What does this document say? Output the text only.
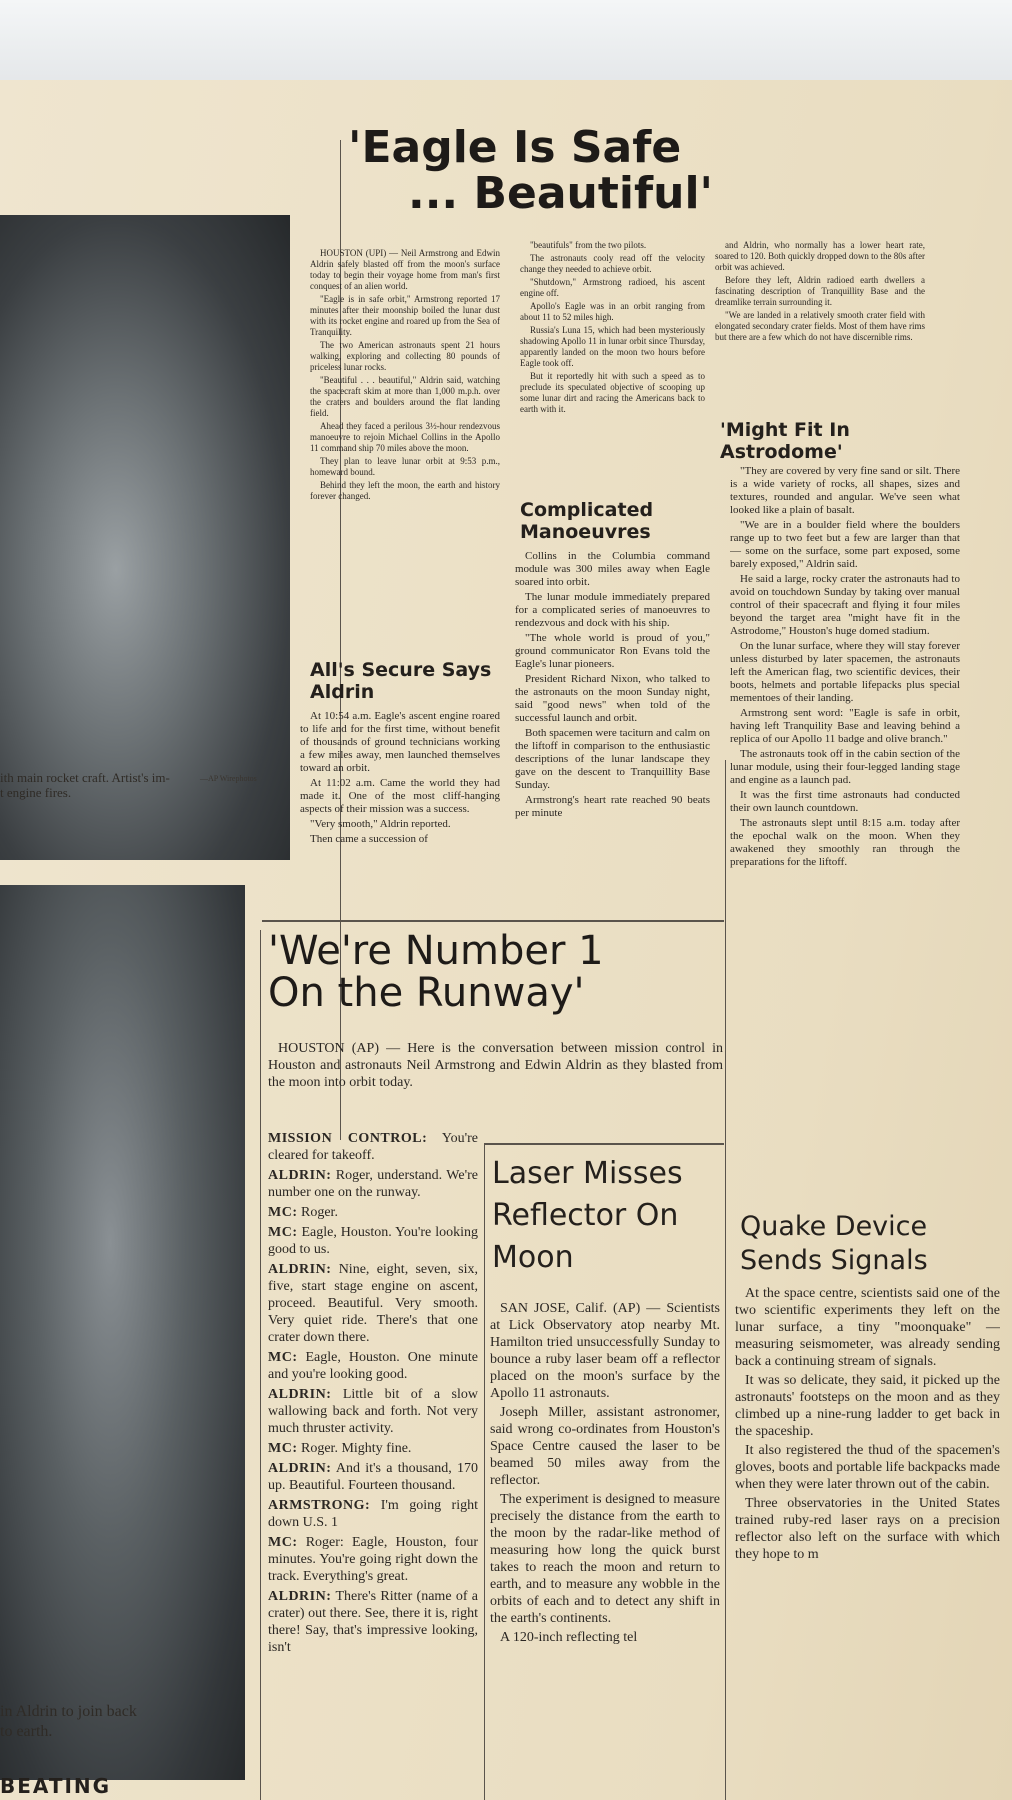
ith main rocket craft. Artist's im- t engine fires.
—AP Wirephotos
in Aldrin to join back to earth.
BEATING
'Eagle Is Safe
... Beautiful'

HOUSTON (UPI) — Neil Armstrong and Edwin Aldrin safely blasted off from the moon's surface today to begin their voyage home from man's first conquest of an alien world.

"Eagle is in safe orbit," Armstrong reported 17 minutes after their moonship boiled the lunar dust with its rocket engine and roared up from the Sea of Tranquility.

The two American astronauts spent 21 hours walking, exploring and collecting 80 pounds of priceless lunar rocks.

"Beautiful . . . beautiful," Aldrin said, watching the spacecraft skim at more than 1,000 m.p.h. over the craters and boulders around the flat landing field.

Ahead they faced a perilous 3½-hour rendezvous manoeuvre to rejoin Michael Collins in the Apollo 11 command ship 70 miles above the moon.

They plan to leave lunar orbit at 9:53 p.m., homeward bound.

Behind they left the moon, the earth and history forever changed.

All's Secure Says Aldrin

At 10:54 a.m. Eagle's ascent engine roared to life and for the first time, without benefit of thousands of ground technicians working a few miles away, men launched themselves toward an orbit.

At 11:02 a.m. Came the world they had made it. One of the most cliff-hanging aspects of their mission was a success.

"Very smooth," Aldrin reported.

Then came a succession of

"beautifuls" from the two pilots.

The astronauts cooly read off the velocity change they needed to achieve orbit.

"Shutdown," Armstrong radioed, his ascent engine off.

Apollo's Eagle was in an orbit ranging from about 11 to 52 miles high.

Russia's Luna 15, which had been mysteriously shadowing Apollo 11 in lunar orbit since Thursday, apparently landed on the moon two hours before Eagle took off.

But it reportedly hit with such a speed as to preclude its speculated objective of scooping up some lunar dirt and racing the Americans back to earth with it.

Complicated Manoeuvres

Collins in the Columbia command module was 300 miles away when Eagle soared into orbit.

The lunar module immediately prepared for a complicated series of manoeuvres to rendezvous and dock with his ship.

"The whole world is proud of you," ground communicator Ron Evans told the Eagle's lunar pioneers.

President Richard Nixon, who talked to the astronauts on the moon Sunday night, said "good news" when told of the successful launch and orbit.

Both spacemen were taciturn and calm on the liftoff in comparison to the enthusiastic descriptions of the lunar landscape they gave on the descent to Tranquillity Base Sunday.

Armstrong's heart rate reached 90 beats per minute

and Aldrin, who normally has a lower heart rate, soared to 120. Both quickly dropped down to the 80s after orbit was achieved.

Before they left, Aldrin radioed earth dwellers a fascinating description of Tranquillity Base and the dreamlike terrain surrounding it.

"We are landed in a relatively smooth crater field with elongated secondary crater fields. Most of them have rims but there are a few which do not have discernible rims.

'Might Fit In Astrodome'

"They are covered by very fine sand or silt. There is a wide variety of rocks, all shapes, sizes and textures, rounded and angular. We've seen what looked like a plain of basalt.

"We are in a boulder field where the boulders range up to two feet but a few are larger than that — some on the surface, some part exposed, some barely exposed," Aldrin said.

He said a large, rocky crater the astronauts had to avoid on touchdown Sunday by taking over manual control of their spacecraft and flying it four miles beyond the target area "might have fit in the Astrodome," Houston's huge domed stadium.

On the lunar surface, where they will stay forever unless disturbed by later spacemen, the astronauts left the American flag, two scientific devices, their boots, helmets and portable lifepacks plus special mementoes of their landing.

Armstrong sent word: "Eagle is safe in orbit, having left Tranquility Base and leaving behind a replica of our Apollo 11 badge and olive branch."

The astronauts took off in the cabin section of the lunar module, using their four-legged landing stage and engine as a launch pad.

It was the first time astronauts had conducted their own launch countdown.

The astronauts slept until 8:15 a.m. today after the epochal walk on the moon. When they awakened they smoothly ran through the preparations for the liftoff.

'We're Number 1
On the Runway'

HOUSTON (AP) — Here is the conversation between mission control in Houston and astronauts Neil Armstrong and Edwin Aldrin as they blasted from the moon into orbit today.

MISSION CONTROL: You're cleared for takeoff.

ALDRIN: Roger, understand. We're number one on the runway.

MC: Roger.

MC: Eagle, Houston. You're looking good to us.

ALDRIN: Nine, eight, seven, six, five, start stage engine on ascent, proceed. Beautiful. Very smooth. Very quiet ride. There's that one crater down there.

MC: Eagle, Houston. One minute and you're looking good.

ALDRIN: Little bit of a slow wallowing back and forth. Not very much thruster activity.

MC: Roger. Mighty fine.

ALDRIN: And it's a thousand, 170 up. Beautiful. Fourteen thousand.

ARMSTRONG: I'm going right down U.S. 1

MC: Roger: Eagle, Houston, four minutes. You're going right down the track. Everything's great.

ALDRIN: There's Ritter (name of a crater) out there. See, there it is, right there! Say, that's impressive looking, isn't

Laser Misses Reflector On Moon

SAN JOSE, Calif. (AP) — Scientists at Lick Observatory atop nearby Mt. Hamilton tried unsuccessfully Sunday to bounce a ruby laser beam off a reflector placed on the moon's surface by the Apollo 11 astronauts.

Joseph Miller, assistant astronomer, said wrong co-ordinates from Houston's Space Centre caused the laser to be beamed 50 miles away from the reflector.

The experiment is designed to measure precisely the distance from the earth to the moon by the radar-like method of measuring how long the quick burst takes to reach the moon and return to earth, and to measure any wobble in the orbits of each and to detect any shift in the earth's continents.

A 120-inch reflecting tel

Quake Device Sends Signals

At the space centre, scientists said one of the two scientific experiments they left on the lunar surface, a tiny "moonquake" — measuring seismometer, was already sending back a continuing stream of signals.

It was so delicate, they said, it picked up the astronauts' footsteps on the moon and as they climbed up a nine-rung ladder to get back in the spaceship.

It also registered the thud of the spacemen's gloves, boots and portable life backpacks made when they were later thrown out of the cabin.

Three observatories in the United States trained ruby-red laser rays on a precision reflector also left on the surface with which they hope to m
